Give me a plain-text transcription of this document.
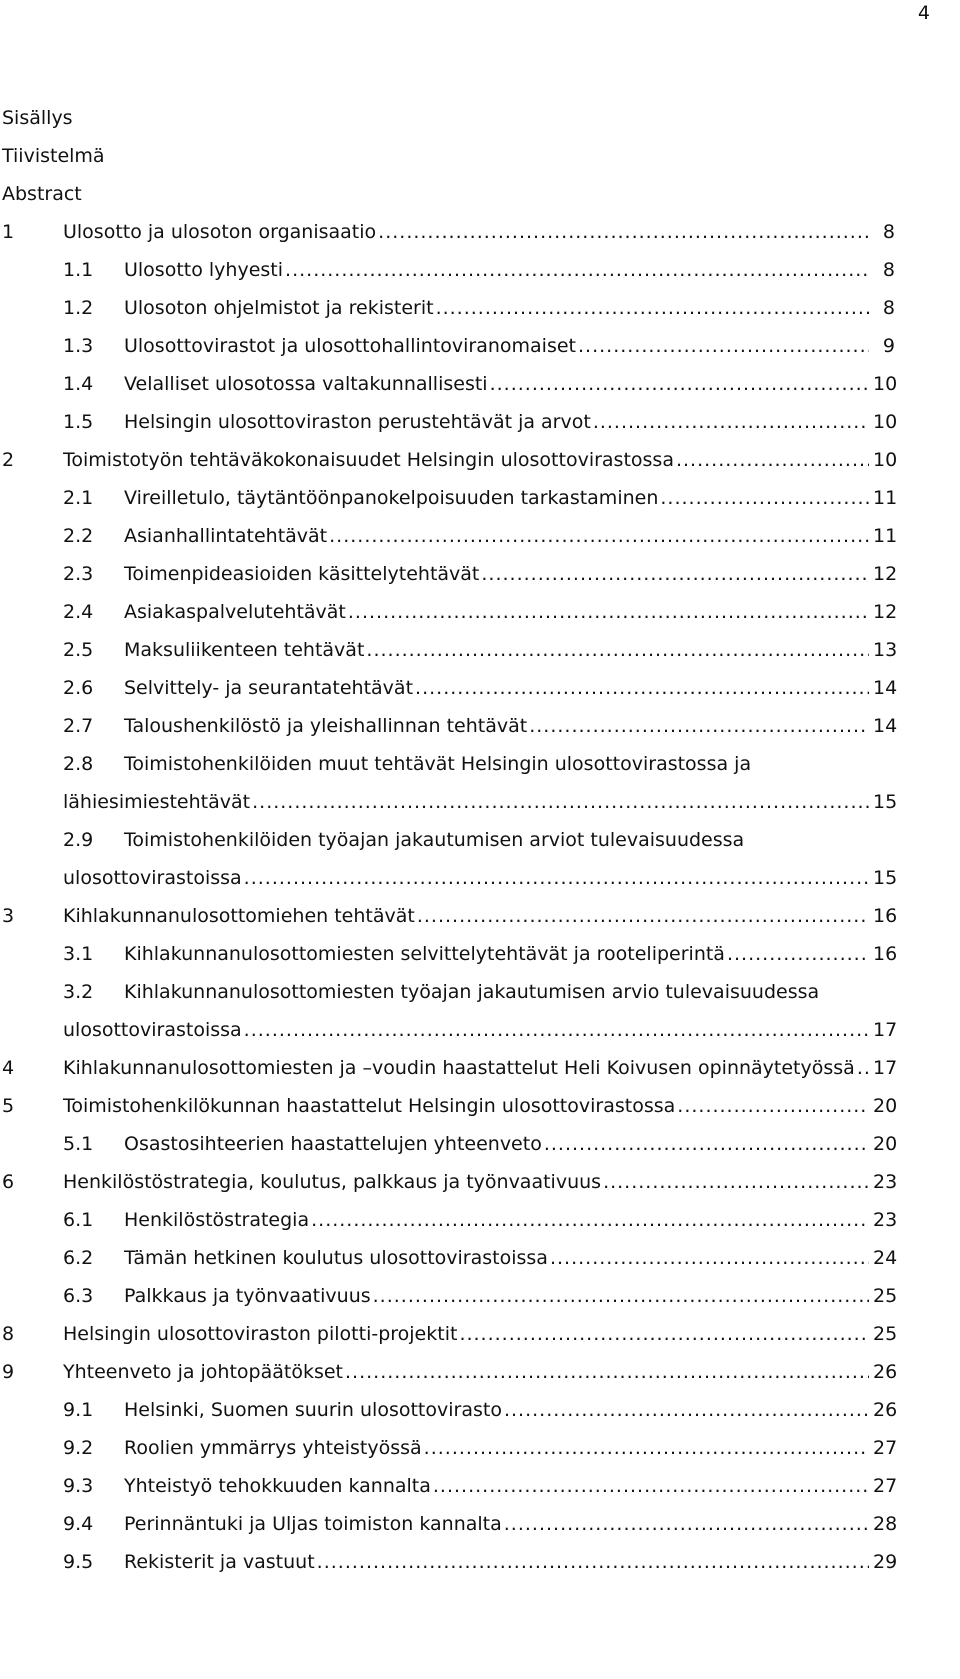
4
Sisällys
Tiivistelmä
Abstract
1	Ulosotto ja ulosoton organisaatio .....	8
1.1 Ulosotto lyhyesti .....	8
1.2 Ulosoton ohjelmistot ja rekisterit .....	8
1.3 Ulosottovirastot ja ulosottohallintoviranomaiset .....	9
1.4 Velalliset ulosotossa valtakunnallisesti .....	10
1.5 Helsingin ulosottoviraston perustehtävät ja arvot .....	10
2	Toimistotyön tehtäväkokonaisuudet Helsingin ulosottovirastossa .....	10
2.1 Vireilletulo, täytäntöönpanokelpoisuuden tarkastaminen .....	11
2.2 Asianhallintatehtävät .....	11
2.3 Toimenpideasioiden käsittelytehtävät .....	12
2.4 Asiakaspalvelutehtävät .....	12
2.5 Maksuliikenteen tehtävät .....	13
2.6 Selvittely- ja seurantatehtävät .....	14
2.7 Taloushenkilöstö ja yleishallinnan tehtävät .....	14
2.8 Toimistohenkilöiden muut tehtävät Helsingin ulosottovirastossa ja
lähiesimiestehtävät .....	15
2.9 Toimistohenkilöiden työajan jakautumisen arviot tulevaisuudessa
ulosottovirastoissa .....	15
3	Kihlakunnanulosottomiehen tehtävät .....	16
3.1 Kihlakunnanulosottomiesten selvittelytehtävät ja rooteliperintä .....	16
3.2 Kihlakunnanulosottomiesten työajan jakautumisen arvio tulevaisuudessa
ulosottovirastoissa .....	17
4	Kihlakunnanulosottomiesten ja –voudin haastattelut Heli Koivusen opinnäytetyössä ..... 17
5	Toimistohenkilökunnan haastattelut Helsingin ulosottovirastossa .....	20
5.1 Osastosihteerien haastattelujen yhteenveto .....	20
6	Henkilöstöstrategia, koulutus, palkkaus ja työnvaativuus .....	23
6.1 Henkilöstöstrategia .....	23
6.2 Tämän hetkinen koulutus ulosottovirastoissa .....	24
6.3 Palkkaus ja työnvaativuus .....	25
8	Helsingin ulosottoviraston pilotti-projektit .....	25
9	Yhteenveto ja johtopäätökset .....	26
9.1 Helsinki, Suomen suurin ulosottovirasto .....	26
9.2 Roolien ymmärrys yhteistyössä .....	27
9.3 Yhteistyö tehokkuuden kannalta .....	27
9.4 Perinnäntuki ja Uljas toimiston kannalta .....	28
9.5 Rekisterit ja vastuut .....	29
